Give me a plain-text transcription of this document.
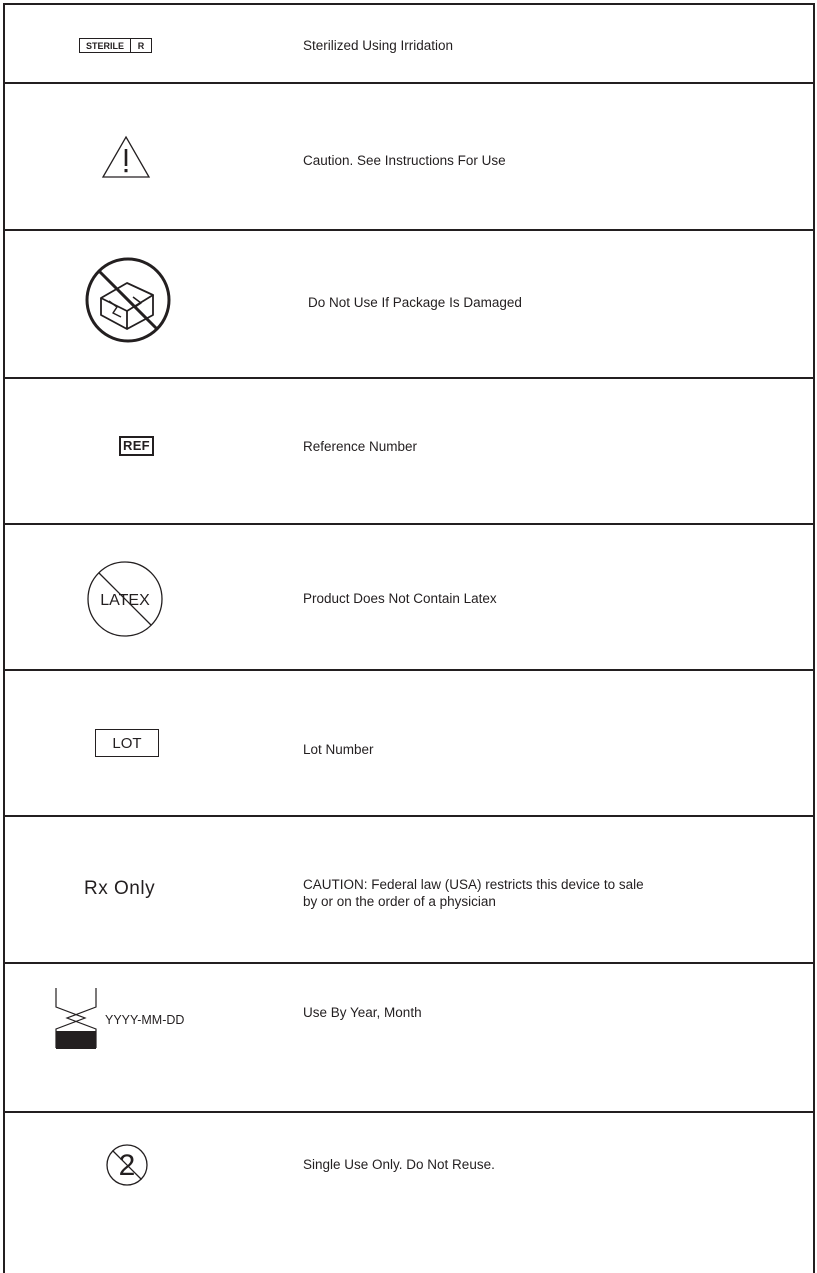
STERILE	R	Sterilized Using Irridation
Caution. See Instructions For Use
Do Not Use If Package Is Damaged
REF	Reference Number
LATEX	Product Does Not Contain Latex
LOT	Lot Number
Rx Only	CAUTION: Federal law (USA) restricts this device to sale
by or on the order of a physician
YYYY-MM-DD	Use By Year, Month
2	Single Use Only. Do Not Reuse.
